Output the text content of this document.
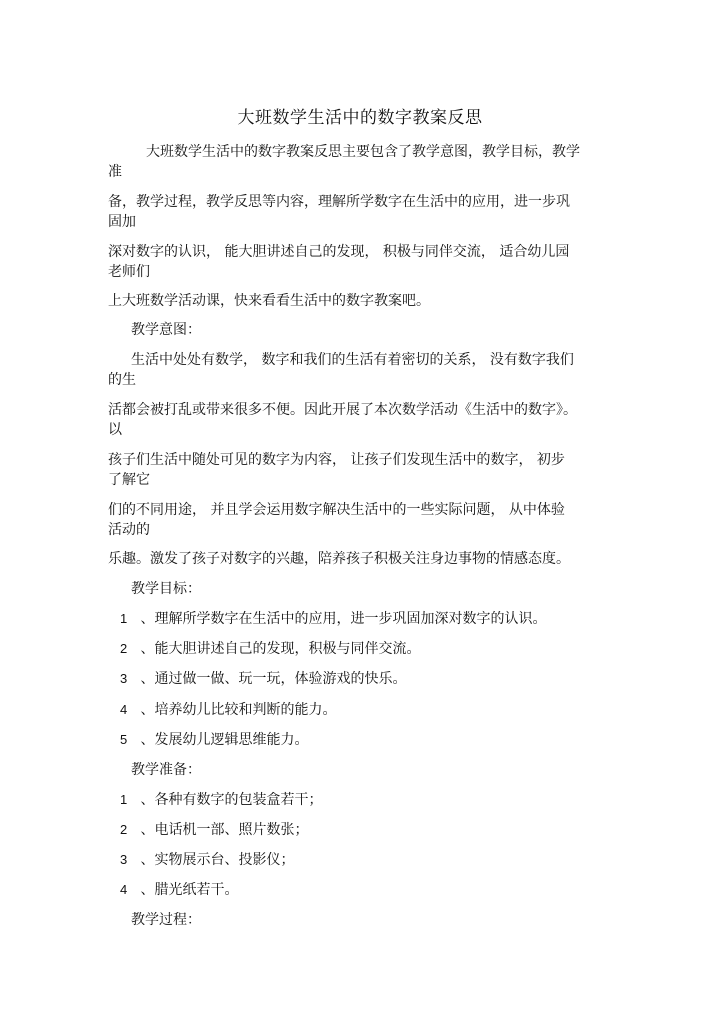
大班数学生活中的数字教案反思
大班数学生活中的数字教案反思主要包含了教学意图，教学目标，教学
准
备，教学过程，教学反思等内容，理解所学数字在生活中的应用，进一步巩
固加
深对数字的认识， 能大胆讲述自己的发现， 积极与同伴交流， 适合幼儿园
老师们
上大班数学活动课，快来看看生活中的数字教案吧。
教学意图：
生活中处处有数学， 数字和我们的生活有着密切的关系， 没有数字我们
的生
活都会被打乱或带来很多不便。因此开展了本次数学活动《生活中的数字》。
以
孩子们生活中随处可见的数字为内容， 让孩子们发现生活中的数字， 初步
了解它
们的不同用途， 并且学会运用数字解决生活中的一些实际问题， 从中体验
活动的
乐趣。激发了孩子对数字的兴趣，陪养孩子积极关注身边事物的情感态度。
教学目标：
1 、理解所学数字在生活中的应用，进一步巩固加深对数字的认识。
2 、能大胆讲述自己的发现，积极与同伴交流。
3 、通过做一做、玩一玩，体验游戏的快乐。
4 、培养幼儿比较和判断的能力。
5 、发展幼儿逻辑思维能力。
教学准备：
1 、各种有数字的包装盒若干；
2 、电话机一部、照片数张；
3 、实物展示台、投影仪；
4 、腊光纸若干。
教学过程：
